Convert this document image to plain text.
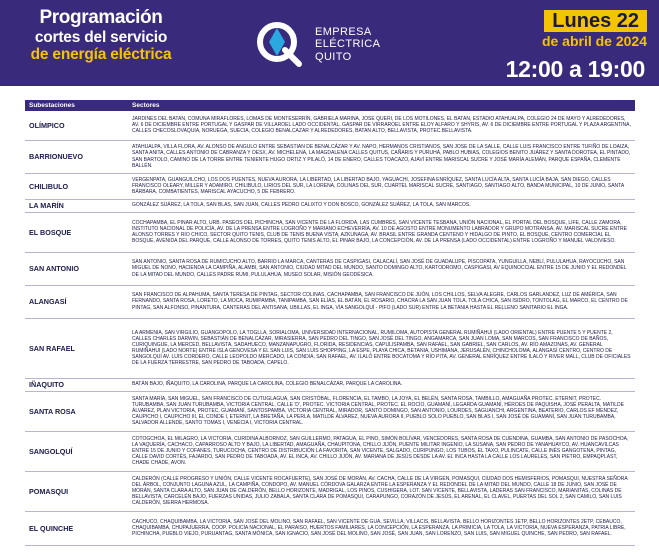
Programación
cortes del servicio
de energía eléctrica
EMPRESA
ELÉCTRICA
QUITO
Lunes 22
de abril de 2024
12:00 a 19:00
Subestaciones	Sectores
OLÍMPICO	JARDINES DEL BATAN, COMUNA MIRAFLORES, LOMAS DE MONTESERRÍN, GABRIELA MARINA, JOSE QUERI, DE LOS MOTILONES, EL BATAN, ESTADIO ATAHUALPA, COLEGIO 24 DE MAYO Y ALREDEDORES, AV. 6 DE DICIEMBRE ENTRE PORTUGAL Y GASPAR DE VILLAROEL LADO OCCIDENTAL, GASPAR DE VIRRAROEL ENTRE ELOY ALFARO Y SHYRIS, AV. 6 DE DICIEMBRE ENTRE PORTUGAL Y PLAZA ARGENTINA, CALLES CHECOSLOVAQUIA, NORUEGA, SUECIA, COLEGIO BENALCAZAR Y ALREDEDORES, BATAN ALTO, BELLAVISTA, PROTEC.BELLAVISTA.
BARRIONUEVO	ATAHUALPA, VILLA FLORA, AV. ALONSO DE ANGULO ENTRE SEBASTIAN DE BENALCÁZAR Y AV. NAPO, HERMANOS CRISTIANOS, SAN JOSE DE LA SALLE, CALLE LUIS FRANCISCO ENTRE TUFIÑO DE LOAIZA, SANTA ANITA, CALLES ANTONIO DE CABRANZA Y OESX, AV. MICHELENA, LA MAGDALENA CALLES QUITUS, CAÑARIS Y PURUHÁ, PABLO HUBIAS, COLEGIOS BENITO JUÁREZ Y SANTA DOROTEA, EL PINTADO, SAN BARTOLO, CAMINO DE LA TORRE ENTRE TENIENTE HUGO ORTIZ Y PILALÓ, 14 DE ENERO, CALLES TOACAZO, AJAVÍ ENTRE MARISCAL SUCRE Y JOSÉ MARÍA ALEMÁN, PARQUE ESPAÑA, CLEMENTE BALLÉN.
CHILIBULO	VERGENPATA, GUANGUILCHO, LOS DOS PUENTES, NUEVA AURORA, LA LIBERTAD, LA LIBERTAD BAJO, YAGUACHI, JOSEFINA ENRÍQUEZ, SANTA LUCÍA ALTA, SANTA LUCÍA BAJA, SAN DIEGO, CALLES FRANCISCO OLEARY, MILLER Y ADAMIRO, CHILIBULO, LIRIOS DEL SUR, LA LORENA, COLINAS DEL SUR, CUARTEL MARISCAL SUCRE, SANTIAGO, SANTIAGO ALTO, BANDA MUNICIPAL, 10 DE JUNIO, SANTA BÁRBARA, COMBATIENTES, MARISCAL AYACUCHO, 5 DE FEBRERO.
LA MARÍN	GONZÁLEZ SUÁREZ, LA TOLA, SAN BLAS, SAN JUAN, CALLES PEDRO CALIXTO Y DON BOSCO, GONZÁLEZ SUÁREZ, LA TOLA, SAN MARCOS.
EL BOSQUE	COCHAPAMBA, EL PINAR ALTO, URB. PASEOS DEL PICHINCHA, SAN VICENTE DE LA FLORIDA, LAS CUMBRES, SAN VICENTE TESBANA, UNIÓN NACIONAL, EL PORTAL DEL BOSQUE, LIFE, CALLE ZAMORA, INSTITUTO NACIONAL DE POLICÍA, AV. DE LA PRENSA ENTRE LOGROÑO Y MARIANO ECHEVERRÍA, AV. 10 DE AGOSTO ENTRE MONUMENTO LABRADOR Y GRUPO MOTRANSA, AV. MARISCAL SUCRE ENTRE ALONSO TORRES Y RIO CHICO, SECTOR QUITO TENIS, CLUB DE TENIS BUENA VISTA, AZKUNAGA, AV. BRASIL ENTRE GRANDA CENTENO Y HIDALGO DE PINTO, EL BOSQUE, CENTRO COMERCIAL EL BOSQUE, AVENIDA DEL PARQUE, CALLE ALONSO DE TORRES, QUITO TENIS ALTO, EL PINAR BAJO, LA CONCEPCIÓN, AV. DE LA PRENSA (LADO OCCIDENTAL) ENTRE LOGROÑO Y MANUEL VALDIVIESO.
SAN ANTONIO	SAN ANTONIO, SANTA ROSA DE RUMICUCHO ALTO, BARRIO LA MARCA, CANTERAS DE CASPIGASI, CALACALÍ, SAN JOSÉ DE GUADALUPE, PISCOPATA, YUNGUILLA, NEBLÍ, PULULAHUA, RAYOCUCHO, SAN MIGUEL DE NONO, HACIENDA LA CAMPIÑA, ALAMBI, SAN ANTONIO, CIUDAD MITAD DEL MUNDO, SANTO DOMINGO ALTO, KARTODROMO, CASPIGASI, AV EQUINOCCIAL ENTRE 15 DE JUNIO Y EL REDONDEL DE LA MITAD DEL MUNDO, CALLES PADRE RUMI, PULULAHUA, MUSEO SOLAR, MISIÓN GEODÉSICA.
ALANGASÍ	SAN FRANCISCO DE ALPAHUMA, SANTA TERESA DE PINTAG, SECTOR COLINAS, CACHAPAMBA, SAN FRANCISCO DE JUÓN, LOS CHILLOS, SELVA ALEGRE, CARLOS GARLANDEZ, LUZ DE AMÉRICA, SAN FERNANDO, SANTA ROSA, LORETO, LA MOCA, RUMIPAMBA, TANIPAMBA, SAN ELÍAS, EL BATÁN, EL ROSARIO, CHACRA LA SAN JUAN TOLA, TOLA CHICA, SAN ISIDRO, TONTOLAG, EL MARCO, EL CENTRO DE PINTAG, SAN ALFONSO, PINANTURA, CANTERAS DEL ANTISANA, UBILLAS, EL INGA, VÍA SANGOLQUÍ - PIFO (LADO SUR) ENTRE LA BETANIA HASTA EL RELLENO SANITARIO EL INGA.
SAN RAFAEL	LA ARMENIA, SAN VIRGILIO, GUANGOPOLO, LA TOGLLA, SORIALOMA, UNIVERSIDAD INTERNACIONAL, RUMILOMA, AUTOPISTA GENERAL RUMIÑAHUI (LADO ORIENTAL) ENTRE PUENTE 5 Y PUENTE 2, CALLES CHARLES DARWIN, SEBASTIÁN DE BENALCÁZAR, MIRASIERRA, SAN PEDRO DEL TINGO, SAN JOSÉ DEL TINGO, ANGAMARCA, SAN JUAN LOMA, SAN MARCOS, SAN FRANCISCO DE BAÑOS, CURIQUINGUE, LA MERCED, BELLAVISTA, SADAHUECO, MANZANAPUGRO, FLORIDA, RESIDENCIAS, CAPULISPAMBA, SAN RAFAEL, SAN GABRIEL, SAN CARLOS, AV. RÍO AMAZONAS, AV. GENERAL RUMIÑAHUI (LADO NORTE) ENTRE ISLA GENOVESA Y EL SAN LUIS, SAN LUIS SHOPPING, LA ESPE, PLAYA CHICA, BETANIA, USHIMANA, JERUSALÉN, CHINCHOLOMA, ALANGASÍ CENTRO, CENTRO DE SANGOLQUÍ AV. LUIS CORDERO, CALLE LEOPOLDO MERCADO, LA CONDIA, SAN RAFAEL, AV. ILALÓ ENTRE BOCATOMA Y RÍO PITA, AV. GENERAL ENRÍQUEZ ENTRE ILALÓ Y RIVER MALL, CLUB DE OFICIALES DE LA FUERZA TERRESTRE, SAN PEDRO DE TABOADA, CAPELO.
IÑAQUITO	BATÁN BAJO, IÑAQUITO, LA CAROLINA, PARQUE LA CAROLINA, COLEGIO BENALCÁZAR, PARQUE LA CAROLINA.
SANTA ROSA	SANTA MARÍA, SAN MIGUEL, SAN FRANCISCO DE CUTUGLAGUA, SAN CRISTÓBAL, FLORENCIA, EL TAMBO, LA JOYA, EL BELÉN, SANTA ROSA, TAMBILLO, AMAGUAÑA PROTEC. ETERNIT, PROTEC. TURUBAMBA, SAN JUAN TURUBAMBA, VICTORIA CENTRAL, CALLE 'D', PROTEC. VICTORIA CENTRAL, PROTEC. EL ROCÍO, GUAMANÍ, LEGARDA GUAMANÍ, HÉROES DE PAQUISHA, JOSÉ PERALTA, MATILDE ÁLVAREZ, PLAN VICTORIA, PROTEC. GUAMANÍ, SANTOSPAMBA, VICTORIA CENTRAL, MIRADOR, SANTO DOMINGO, SAN ANTONIO, LOURDES, SAGUANCHI, ARGENTINA, BEATERIO, CARLOS EF MENDEZ, CAUPICHO I, CAUPICHO III, EL CONDE I, ETERNIT, LA BRETAÑA, LA PERLA, MATILDE ÁLVAREZ, NUEVA AURORA II, PUEBLO SOLO PUEBLO, SAN BLAS I, SAN JOSÉ DE GUAMANÍ, SAN JUAN TURUBAMBA, SALVADOR ALLENDE, SANTO TOMAS I, VENECIA I, VICTORIA CENTRAL.
SANGOLQUÍ	COTOGCHOA, EL MILAGRO, LA VICTORIA, CURIDINA ALBORNOZ, SAN GUILLERMO, PATAGUA, EL PINO, SIMÓN BOLÍVAR, VENCEDORES, SANTA ROSA DE CUENDINA, GUAMBA, SAN ANTONIO DE PASOCHOA, LA VAQUERÍA, CACHACO, CAPARROSO ALTO Y BAJO, LA LIBERTAD, AMAGUAÑA, CHAUPITONA, CHILLO JIJÓN, PUENTE MILITAR INGENIO, LA SUSANA, SAN PEDRO DE YANAHUAYCO, AV. HUANCAVILCAS ENTRE 15 DE JUNIO Y COFANES, TURUCOCHA, CENTRO DE DISTRIBUCIÓN LA FAVORITA, SAN VICENTE, SALGADO, CURIPUNGO, LOS TUBOS, EL TAXO, PULINCATE, CALLE INÉS GANGOTENA, PINTAG, CALLE DAVID CORTÉS, FAJARDO, SAN PEDRO DE TABOADA, AV. EL INCA, AV. CHILLO JIJÓN, AV. MARIANA DE JESÚS DESDE LA AV. EL INCA HASTA LA CALLE LOS LAURELES, SAN PIETRO, EMPAQPLAST, CHADE CHADE, AVON.
POMASQUI	CALDERÓN (CALLE PROGRESO Y UNIÓN, CALLE VICENTE ROCAFUERTE), SAN JOSÉ DE MORÁN, AV. CACHA, CALLE DE LA VIRGEN, POMASQUI, CIUDAD DOS HEMISFERIOS, POMASQUI, NUESTRA SEÑORA DEL ÁRBOL, CONJUNTO LAGUNA AZUL, LA CAMPIÑA, CONDOPO, AV. MANUEL CÓRDOVA GALARZA ENTRE LA ESPERANZA Y EL REDONDEL DE LA MITAD DEL MUNDO, CALLE 18 DE JUNIO, SAN JOSÉ DE MORÁN, SANTA CLARA ALTO, SAN JUAN DE CALDERÓN, BELLO HORIZONTE, MADRIGAL, LOS PINOS, CUSHIGERA, LOT. SAN VICENTE, BELLAVISTA, LADERAS SAN FRANCISCO, MARIANITAS, COLINAS DE BELLAVISTA, CARCELÉN BAJO, FUERZAS UNIDAS, JULIO ZABALA, SANTA CLARA DE POMASQUI, CARAPUNGO, CORAZÓN DE JESÚS, EL ARENAL, EL CLAVEL, PUERTAS DEL SOL 2, SAN CAMILO, SAN LUIS CALDERÓN, SIERRA HERMOSA.
EL QUINCHE	CACHUCO, CHAQUIBAMBA, LA VICTORIA, SAN JOSÉ DEL MOLINO, SAN RAFAEL, SAN VICENTE DE GUA, SEVILLA, VILLACIS, BELLAVISTA, BELLO HORIZONTES 1ETP, BELLO HORIZONTES 2ETP, CEBAUCO, CHAQUIBAMBA, CHUPAJUERRA, COOP. POLICÍA NACIONAL, EL PARAISO, HUERTOS FAMILIARES, LA CONCEPCIÓN, LA ESPERANZA, LA PRIMICIA, LA TOLA, LA VICTORIA, NUEVA ESPERANZA, PATRIA LIBRE, PICHINCHA, PUEBLO VIEJO, PURUANTAG, SANTA MÓNICA, SAN IGNACIO, SAN JOSÉ DEL MOLINO, SAN JOSÉ, SAN JUAN, SAN LORENZO, SAN LUIS, SAN MIGUEL QUINCHE, SAN PEDRO, SAN RAFAEL.
